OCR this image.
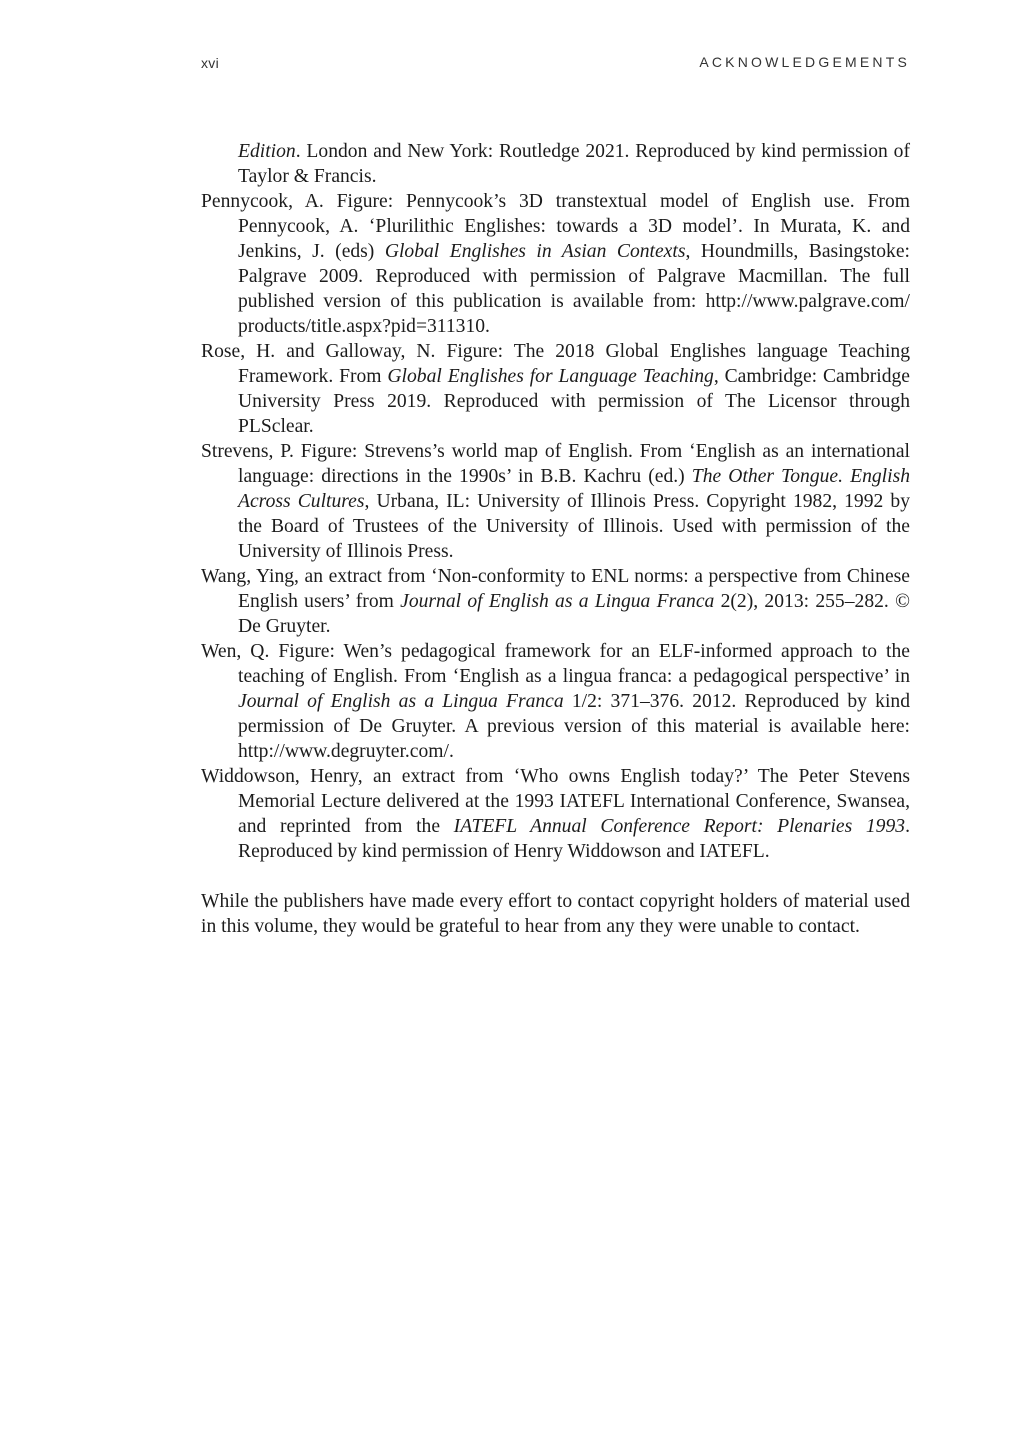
xvi	ACKNOWLEDGEMENTS

Edition. London and New York: Routledge 2021. Reproduced by kind permission of Taylor & Francis.

Pennycook, A. Figure: Pennycook’s 3D transtextual model of English use. From Pennycook, A. ‘Plurilithic Englishes: towards a 3D model’. In Murata, K. and Jenkins, J. (eds) Global Englishes in Asian Contexts, Houndmills, Basingstoke: Palgrave 2009. Reproduced with permission of Palgrave Macmillan. The full published version of this publication is available from: http://www.palgrave​.com/ products/title.aspx?pid=311310.

Rose, H. and Galloway, N. Figure: The 2018 Global Englishes language Teaching Framework. From Global Englishes for Language Teaching, Cambridge: Cambridge University Press 2019. Reproduced with permission of The Licensor through PLSclear.

Strevens, P. Figure: Strevens’s world map of English. From ‘English as an international language: directions in the 1990s’ in B.B. Kachru (ed.) The Other Tongue. English Across Cultures, Urbana, IL: University of Illinois Press. Copyright 1982, 1992 by the Board of Trustees of the University of Illinois. Used with permission of the University of Illinois Press.

Wang, Ying, an extract from ‘Non-conformity to ENL norms: a perspective from Chinese English users’ from Journal of English as a Lingua Franca 2(2), 2013: 255–282. © De Gruyter.

Wen, Q. Figure: Wen’s pedagogical framework for an ELF-informed approach to the teaching of English. From ‘English as a lingua franca: a pedagogical perspective’ in Journal of English as a Lingua Franca 1/2: 371–376. 2012. Reproduced by kind permission of De Gruyter. A previous version of this material is available here: http://www.degruyter.com/.

Widdowson, Henry, an extract from ‘Who owns English today?’ The Peter Stevens Memorial Lecture delivered at the 1993 IATEFL International Conference, Swansea, and reprinted from the IATEFL Annual Conference Report: Plenaries 1993. Reproduced by kind permission of Henry Widdowson and IATEFL.

While the publishers have made every effort to contact copyright holders of material used in this volume, they would be grateful to hear from any they were unable to contact.
